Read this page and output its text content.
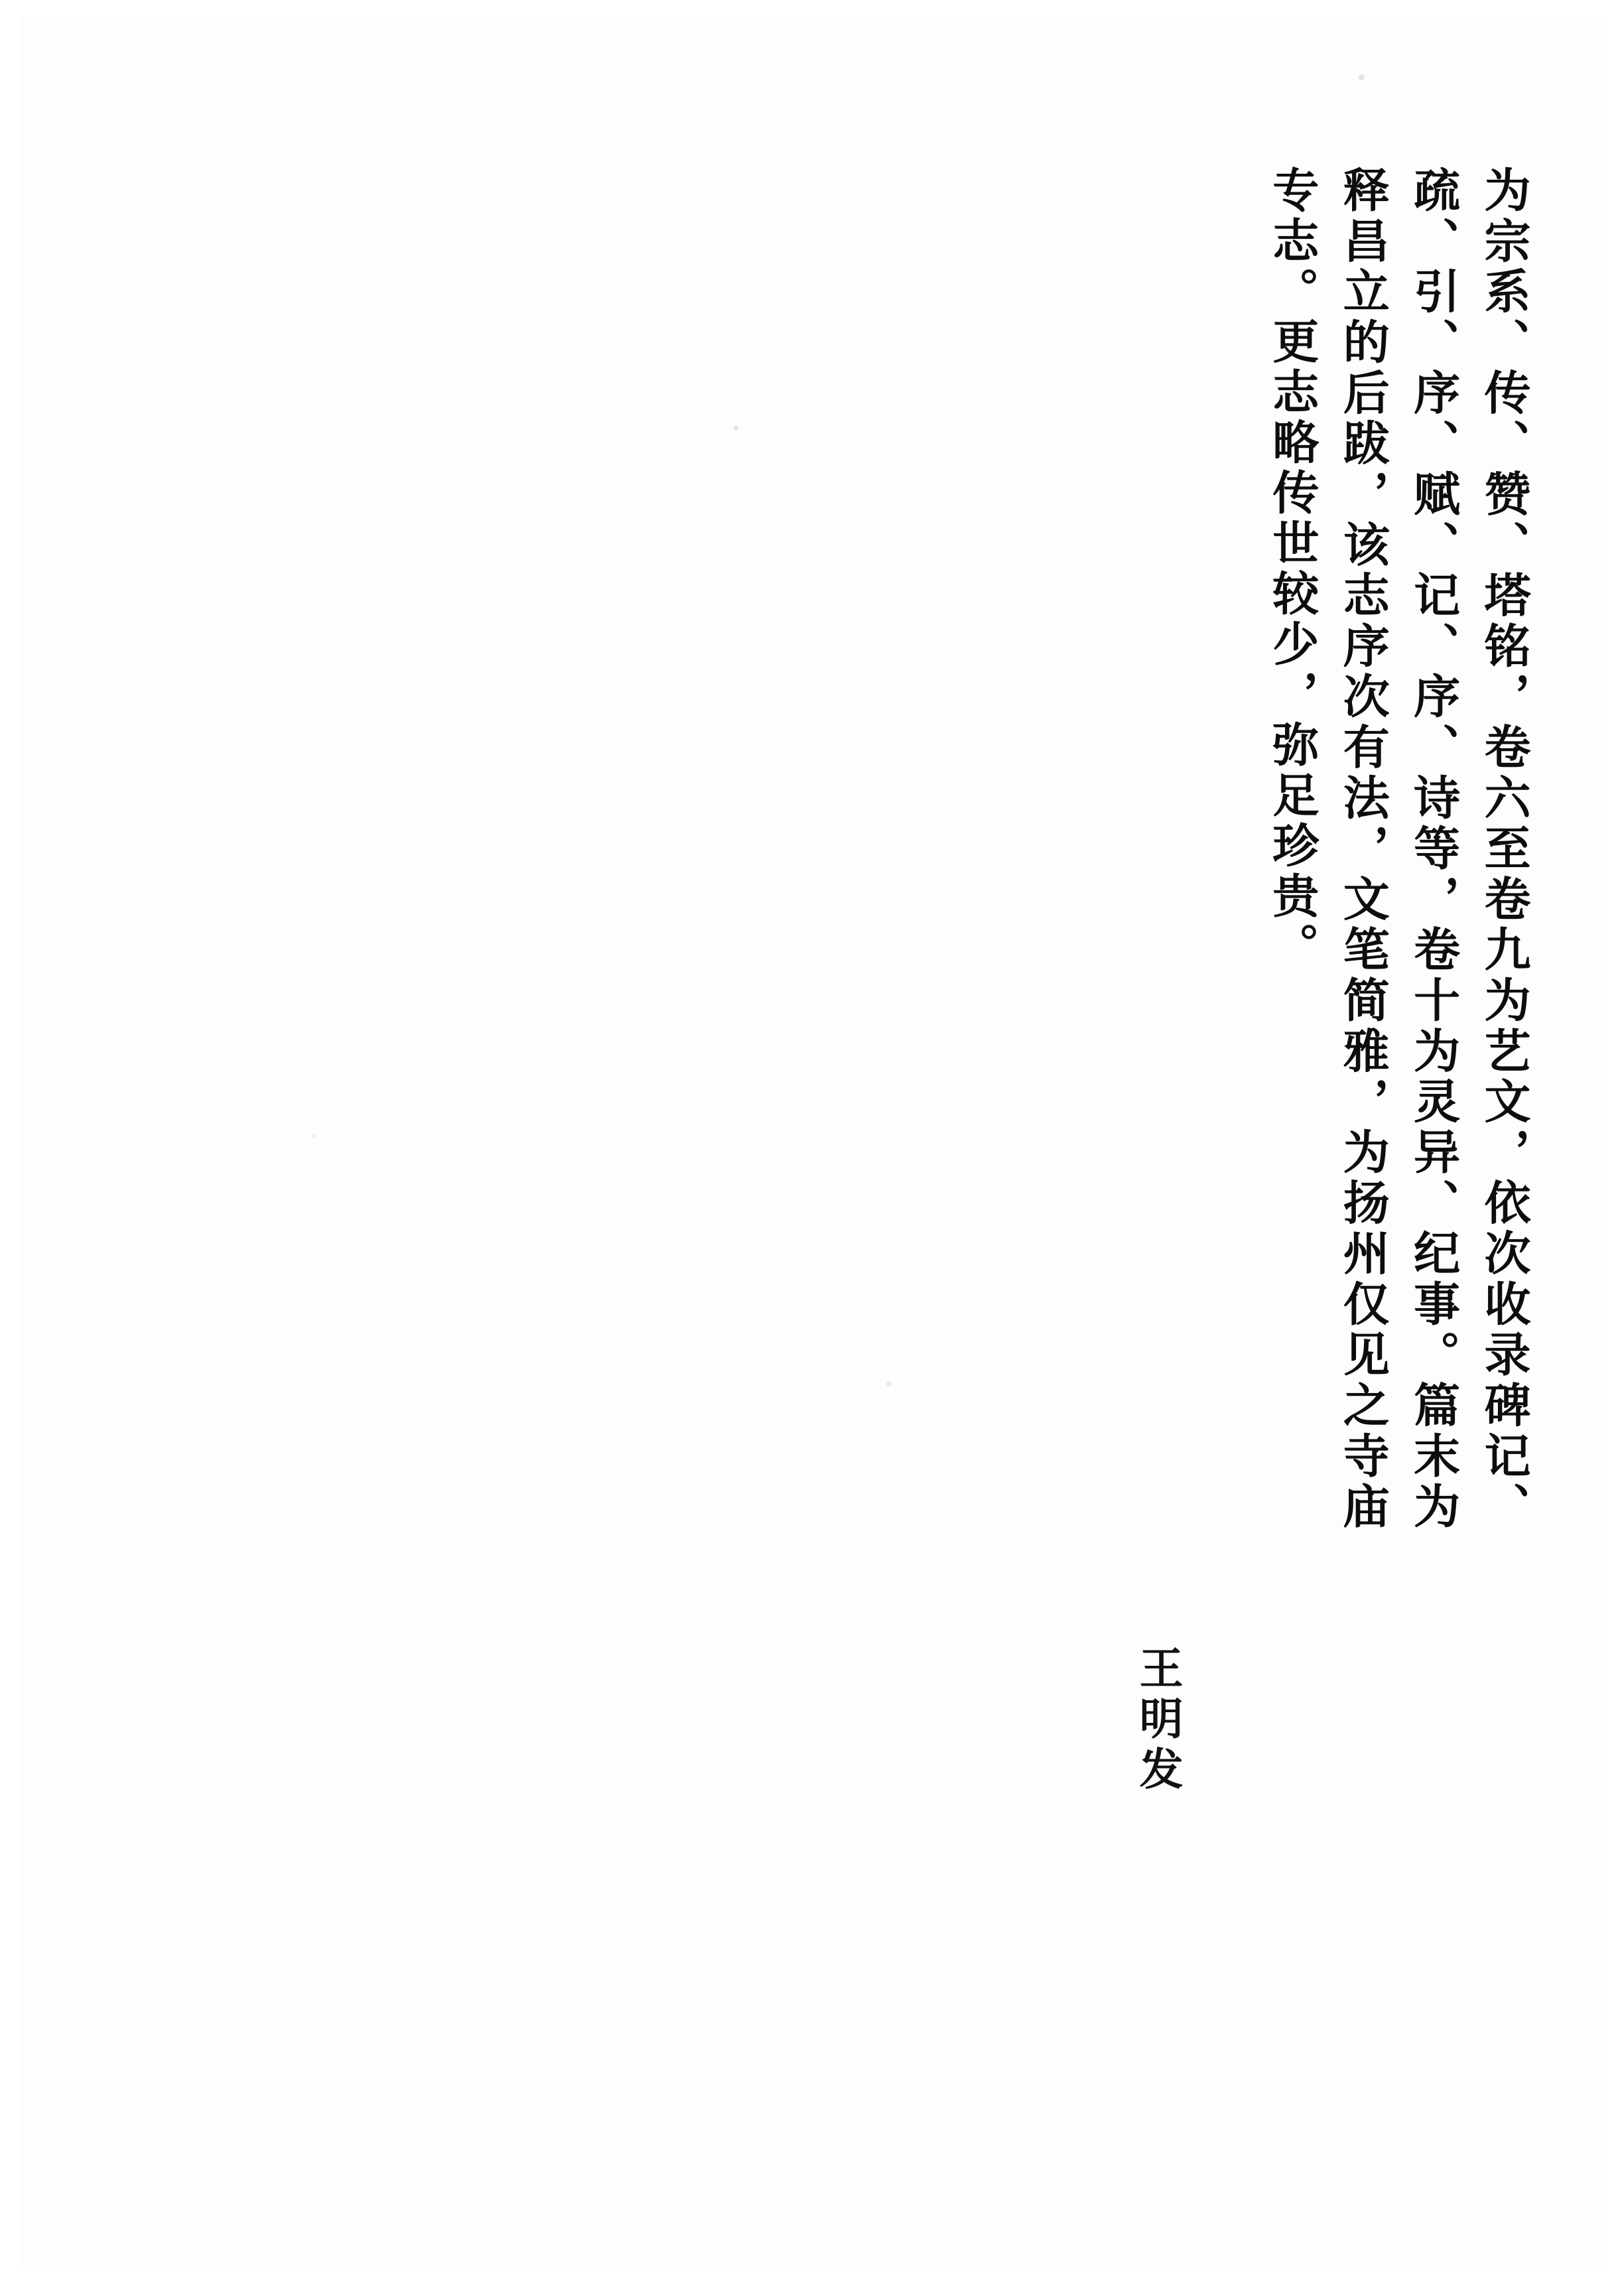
为宗系、传、赞、塔铭，卷六至卷九为艺文，依次收录碑记、疏、引、序、赋、记、序、诗等，卷十为灵异、纪事。篇末为释昌立的后跋，该志序次有法，文笔简雅，为扬州仅见之寺庙专志。更志略传世较少，弥足珍贵。
王明发
